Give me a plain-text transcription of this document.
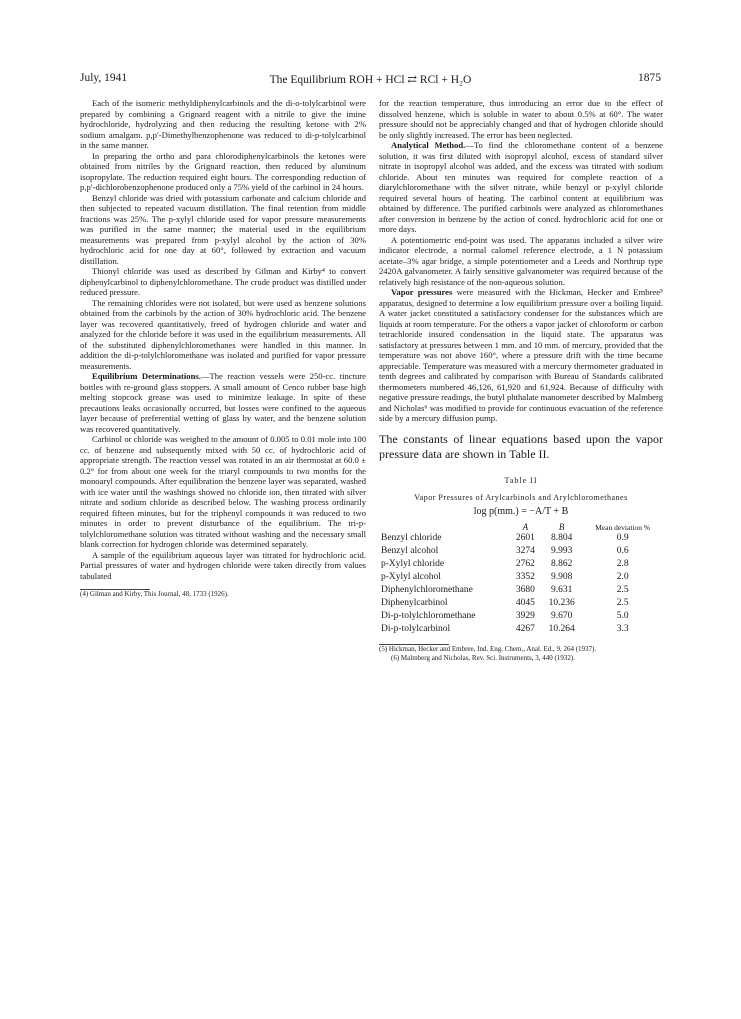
July, 1941	The Equilibrium ROH + HCl ⇄ RCl + H₂O	1875

Each of the isomeric methyldiphenylcarbinols and the di-o-tolylcarbinol were prepared by combining a Grignard reagent with a nitrile to give the imine hydrochloride, hydrolyzing and then reducing the resulting ketone with 2% sodium amalgam. p,p′-Dimethylbenzophenone was reduced to di-p-tolylcarbinol in the same manner.

In preparing the ortho and para chlorodiphenylcarbinols the ketones were obtained from nitriles by the Grignard reaction, then reduced by aluminum isopropylate. The reduction required eight hours. The corresponding reduction of p,p′-dichlorobenzophenone produced only a 75% yield of the carbinol in 24 hours.

Benzyl chloride was dried with potassium carbonate and calcium chloride and then subjected to repeated vacuum distillation. The final retention from middle fractions was 25%. The p-xylyl chloride used for vapor pressure measurements was purified in the same manner; the material used in the equilibrium measurements was prepared from p-xylyl alcohol by the action of 30% hydrochloric acid for one day at 60°, followed by extraction and vacuum distillation.

Thionyl chloride was used as described by Gilman and Kirby⁴ to convert diphenylcarbinol to diphenylchloromethane. The crude product was distilled under reduced pressure.

The remaining chlorides were not isolated, but were used as benzene solutions obtained from the carbinols by the action of 30% hydrochloric acid. The benzene layer was recovered quantitatively, freed of hydrogen chloride and water and analyzed for the chloride before it was used in the equilibrium measurements. All of the substituted diphenylchloromethanes were handled in this manner. In addition the di-p-tolylchloromethane was isolated and purified for vapor pressure measurements.

Equilibrium Determinations.—The reaction vessels were 250-cc. tincture bottles with re-ground glass stoppers. A small amount of Cenco rubber base high melting stopcock grease was used to minimize leakage. In spite of these precautions leaks occasionally occurred, but losses were confined to the aqueous layer because of preferential wetting of glass by water, and the benzene solution was recovered quantitatively.

Carbinol or chloride was weighed to the amount of 0.005 to 0.01 mole into 100 cc. of benzene and subsequently mixed with 50 cc. of hydrochloric acid of appropriate strength. The reaction vessel was rotated in an air thermostat at 60.0 ± 0.2° for from about one week for the triaryl compounds to two months for the monoaryl compounds. After equilibration the benzene layer was separated, washed with ice water until the washings showed no chloride ion, then titrated with silver nitrate and sodium chloride as described below. The washing process ordinarily required fifteen minutes, but for the triphenyl compounds it was reduced to two minutes in order to prevent disturbance of the equilibrium. The tri-p-tolylchloromethane solution was titrated without washing and the necessary small blank correction for hydrogen chloride was determined separately.

A sample of the equilibrium aqueous layer was titrated for hydrochloric acid. Partial pressures of water and hydrogen chloride were taken directly from values tabulated

(4) Gilman and Kirby, This Journal, 48, 1733 (1926).

for the reaction temperature, thus introducing an error due to the effect of dissolved benzene, which is soluble in water to about 0.5% at 60°. The water pressure should not be appreciably changed and that of hydrogen chloride should be only slightly increased. The error has been neglected.

Analytical Method.—To find the chloromethane content of a benzene solution, it was first diluted with isopropyl alcohol, excess of standard silver nitrate in isopropyl alcohol was added, and the excess was titrated with sodium chloride. About ten minutes was required for complete reaction of a diarylchloromethane with the silver nitrate, while benzyl or p-xylyl chloride required several hours of heating. The carbinol content at equilibrium was obtained by difference. The purified carbinols were analyzed as chloromethanes after conversion in benzene by the action of concd. hydrochloric acid for one or more days.

A potentiometric end-point was used. The apparatus included a silver wire indicator electrode, a normal calomel reference electrode, a 1 N potassium acetate–3% agar bridge, a simple potentiometer and a Leeds and Northrup type 2420A galvanometer. A fairly sensitive galvanometer was required because of the relatively high resistance of the non-aqueous solution.

Vapor pressures were measured with the Hickman, Hecker and Embree⁵ apparatus, designed to determine a low equilibrium pressure over a boiling liquid. A water jacket constituted a satisfactory condenser for the substances which are liquids at room temperature. For the others a vapor jacket of chloroform or carbon tetrachloride insured condensation in the liquid state. The apparatus was satisfactory at pressures between 1 mm. and 10 mm. of mercury, provided that the temperature was not above 160°, where a pressure drift with the time became appreciable. Temperature was measured with a mercury thermometer graduated in tenth degrees and calibrated by comparison with Bureau of Standards calibrated thermometers numbered 46,126, 61,920 and 61,924. Because of difficulty with negative pressure readings, the butyl phthalate manometer described by Malmberg and Nicholas⁶ was modified to provide for continuous evacuation of the reference side by a mercury diffusion pump.

The constants of linear equations based upon the vapor pressure data are shown in Table II.

Table II
Vapor Pressures of Arylcarbinols and Arylchloromethanes
log p(mm.) = −A/T + B
	A	B	Mean deviation %
Benzyl chloride	2601	8.804	0.9
Benzyl alcohol	3274	9.993	0.6
p-Xylyl chloride	2762	8.862	2.8
p-Xylyl alcohol	3352	9.908	2.0
Diphenylchloromethane	3680	9.631	2.5
Diphenylcarbinol	4045	10.236	2.5
Di-p-tolylchloromethane	3929	9.670	5.0
Di-p-tolylcarbinol	4267	10.264	3.3

(5) Hickman, Hecker and Embree, Ind. Eng. Chem., Anal. Ed., 9, 264 (1937).

(6) Malmberg and Nicholas, Rev. Sci. Instruments, 3, 440 (1932).
